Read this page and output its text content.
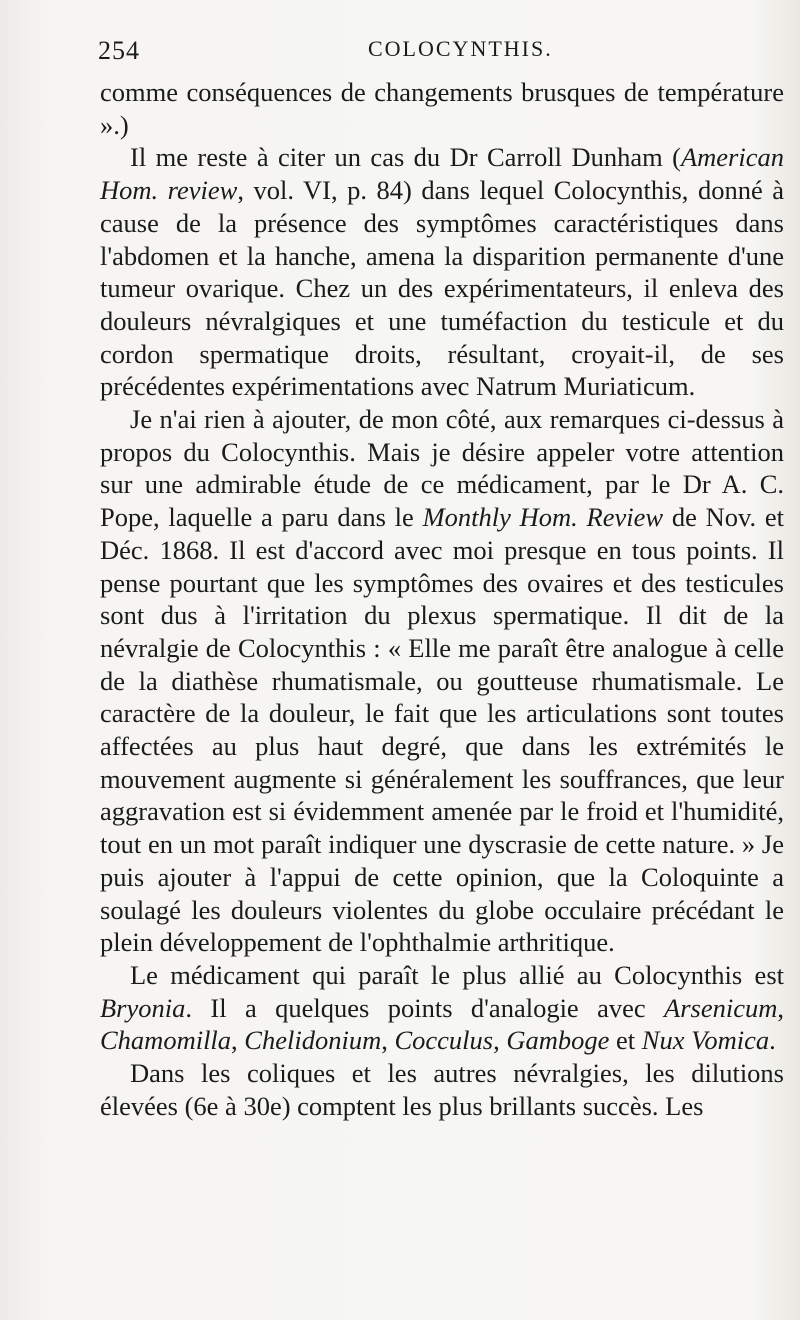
254	COLOCYNTHIS.

comme conséquences de changements brusques de température ».)

Il me reste à citer un cas du Dr Carroll Dunham (American Hom. review, vol. VI, p. 84) dans lequel Colocynthis, donné à cause de la présence des symptômes caractéristiques dans l'abdomen et la hanche, amena la disparition permanente d'une tumeur ovarique. Chez un des expérimentateurs, il enleva des douleurs névralgiques et une tuméfaction du testicule et du cordon spermatique droits, résultant, croyait-il, de ses précédentes expérimentations avec Natrum Muriaticum.

Je n'ai rien à ajouter, de mon côté, aux remarques ci-dessus à propos du Colocynthis. Mais je désire appeler votre attention sur une admirable étude de ce médicament, par le Dr A. C. Pope, laquelle a paru dans le Monthly Hom. Review de Nov. et Déc. 1868. Il est d'accord avec moi presque en tous points. Il pense pourtant que les symptômes des ovaires et des testicules sont dus à l'irritation du plexus spermatique. Il dit de la névralgie de Colocynthis : « Elle me paraît être analogue à celle de la diathèse rhumatismale, ou goutteuse rhumatismale. Le caractère de la douleur, le fait que les articulations sont toutes affectées au plus haut degré, que dans les extrémités le mouvement augmente si généralement les souffrances, que leur aggravation est si évidemment amenée par le froid et l'humidité, tout en un mot paraît indiquer une dyscrasie de cette nature. » Je puis ajouter à l'appui de cette opinion, que la Coloquinte a soulagé les douleurs violentes du globe occulaire précédant le plein développement de l'ophthalmie arthritique.

Le médicament qui paraît le plus allié au Colocynthis est Bryonia. Il a quelques points d'analogie avec Arsenicum, Chamomilla, Chelidonium, Cocculus, Gamboge et Nux Vomica.

Dans les coliques et les autres névralgies, les dilutions élevées (6e à 30e) comptent les plus brillants succès. Les
